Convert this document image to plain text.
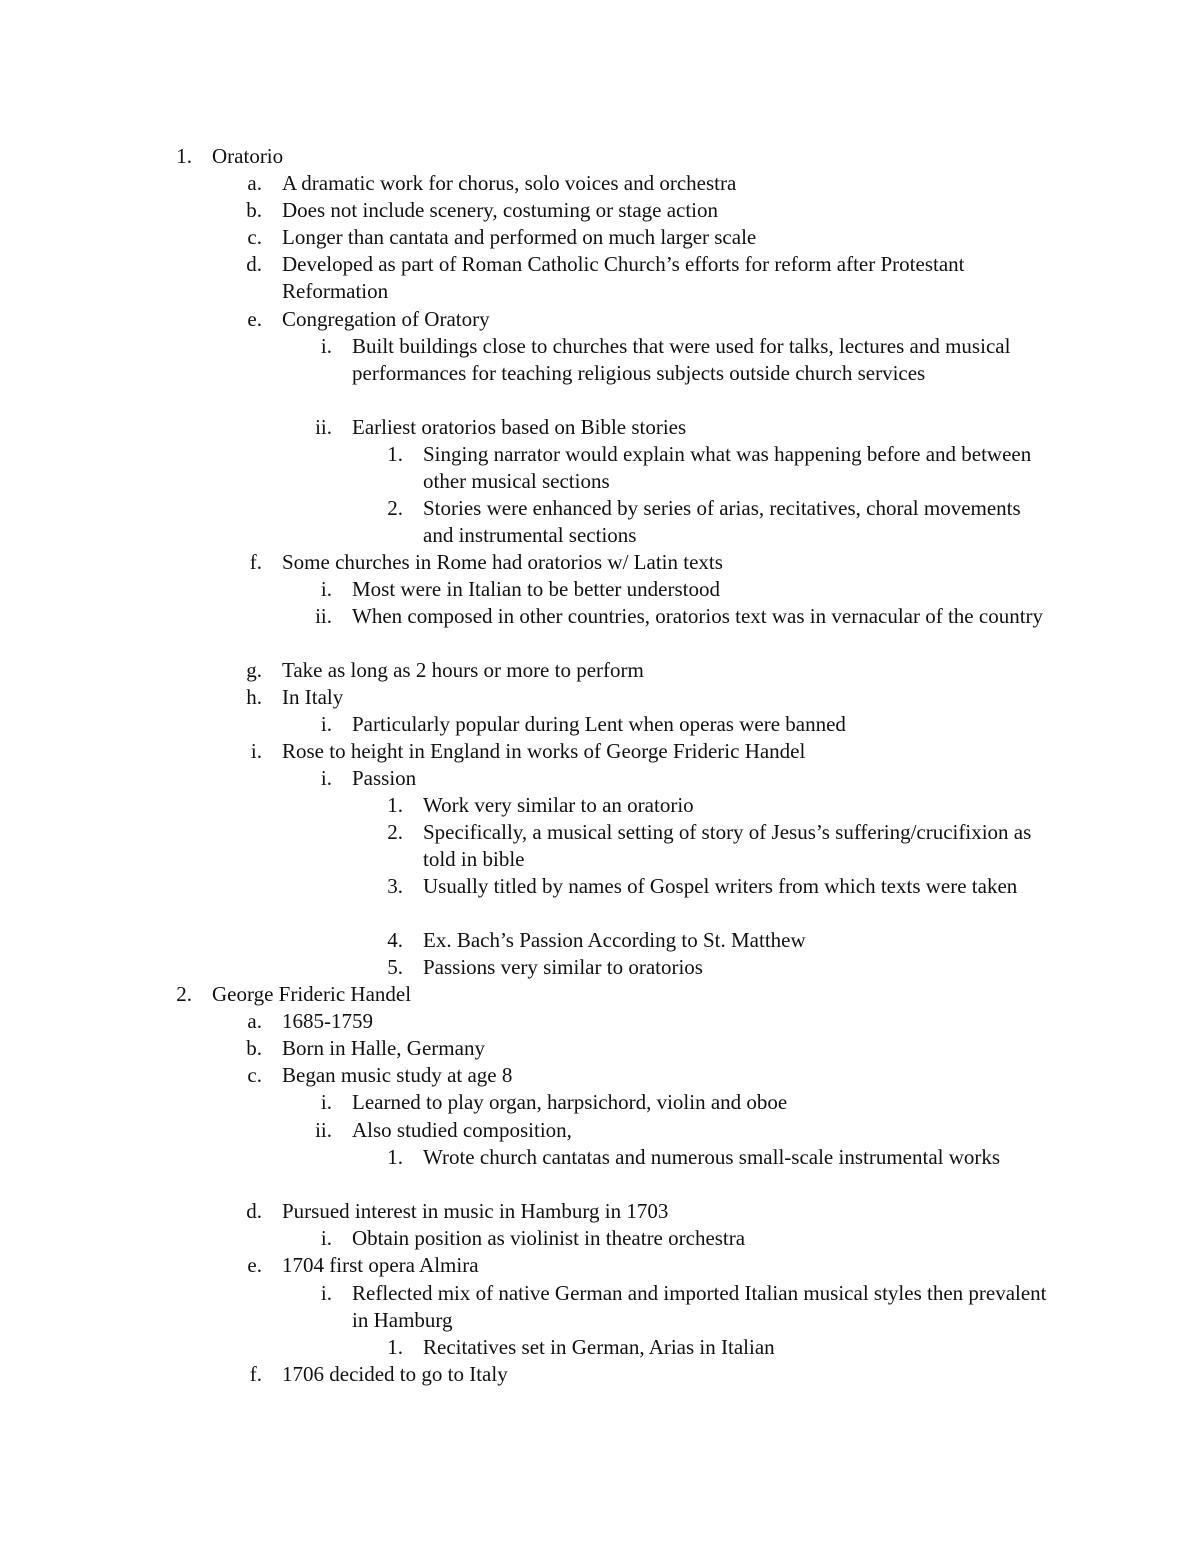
1. Oratorio
a. A dramatic work for chorus, solo voices and orchestra
b. Does not include scenery, costuming or stage action
c. Longer than cantata and performed on much larger scale
d. Developed as part of Roman Catholic Church’s efforts for reform after Protestant Reformation
e. Congregation of Oratory
i. Built buildings close to churches that were used for talks, lectures and musical performances for teaching religious subjects outside church services
ii. Earliest oratorios based on Bible stories
1. Singing narrator would explain what was happening before and between other musical sections
2. Stories were enhanced by series of arias, recitatives, choral movements and instrumental sections
f. Some churches in Rome had oratorios w/ Latin texts
i. Most were in Italian to be better understood
ii. When composed in other countries, oratorios text was in vernacular of the country
g. Take as long as 2 hours or more to perform
h. In Italy
i. Particularly popular during Lent when operas were banned
i. Rose to height in England in works of George Frideric Handel
i. Passion
1. Work very similar to an oratorio
2. Specifically, a musical setting of story of Jesus’s suffering/crucifixion as told in bible
3. Usually titled by names of Gospel writers from which texts were taken
4. Ex. Bach’s Passion According to St. Matthew
5. Passions very similar to oratorios
2. George Frideric Handel
a. 1685-1759
b. Born in Halle, Germany
c. Began music study at age 8
i. Learned to play organ, harpsichord, violin and oboe
ii. Also studied composition,
1. Wrote church cantatas and numerous small-scale instrumental works
d. Pursued interest in music in Hamburg in 1703
i. Obtain position as violinist in theatre orchestra
e. 1704 first opera Almira
i. Reflected mix of native German and imported Italian musical styles then prevalent in Hamburg
1. Recitatives set in German, Arias in Italian
f. 1706 decided to go to Italy
